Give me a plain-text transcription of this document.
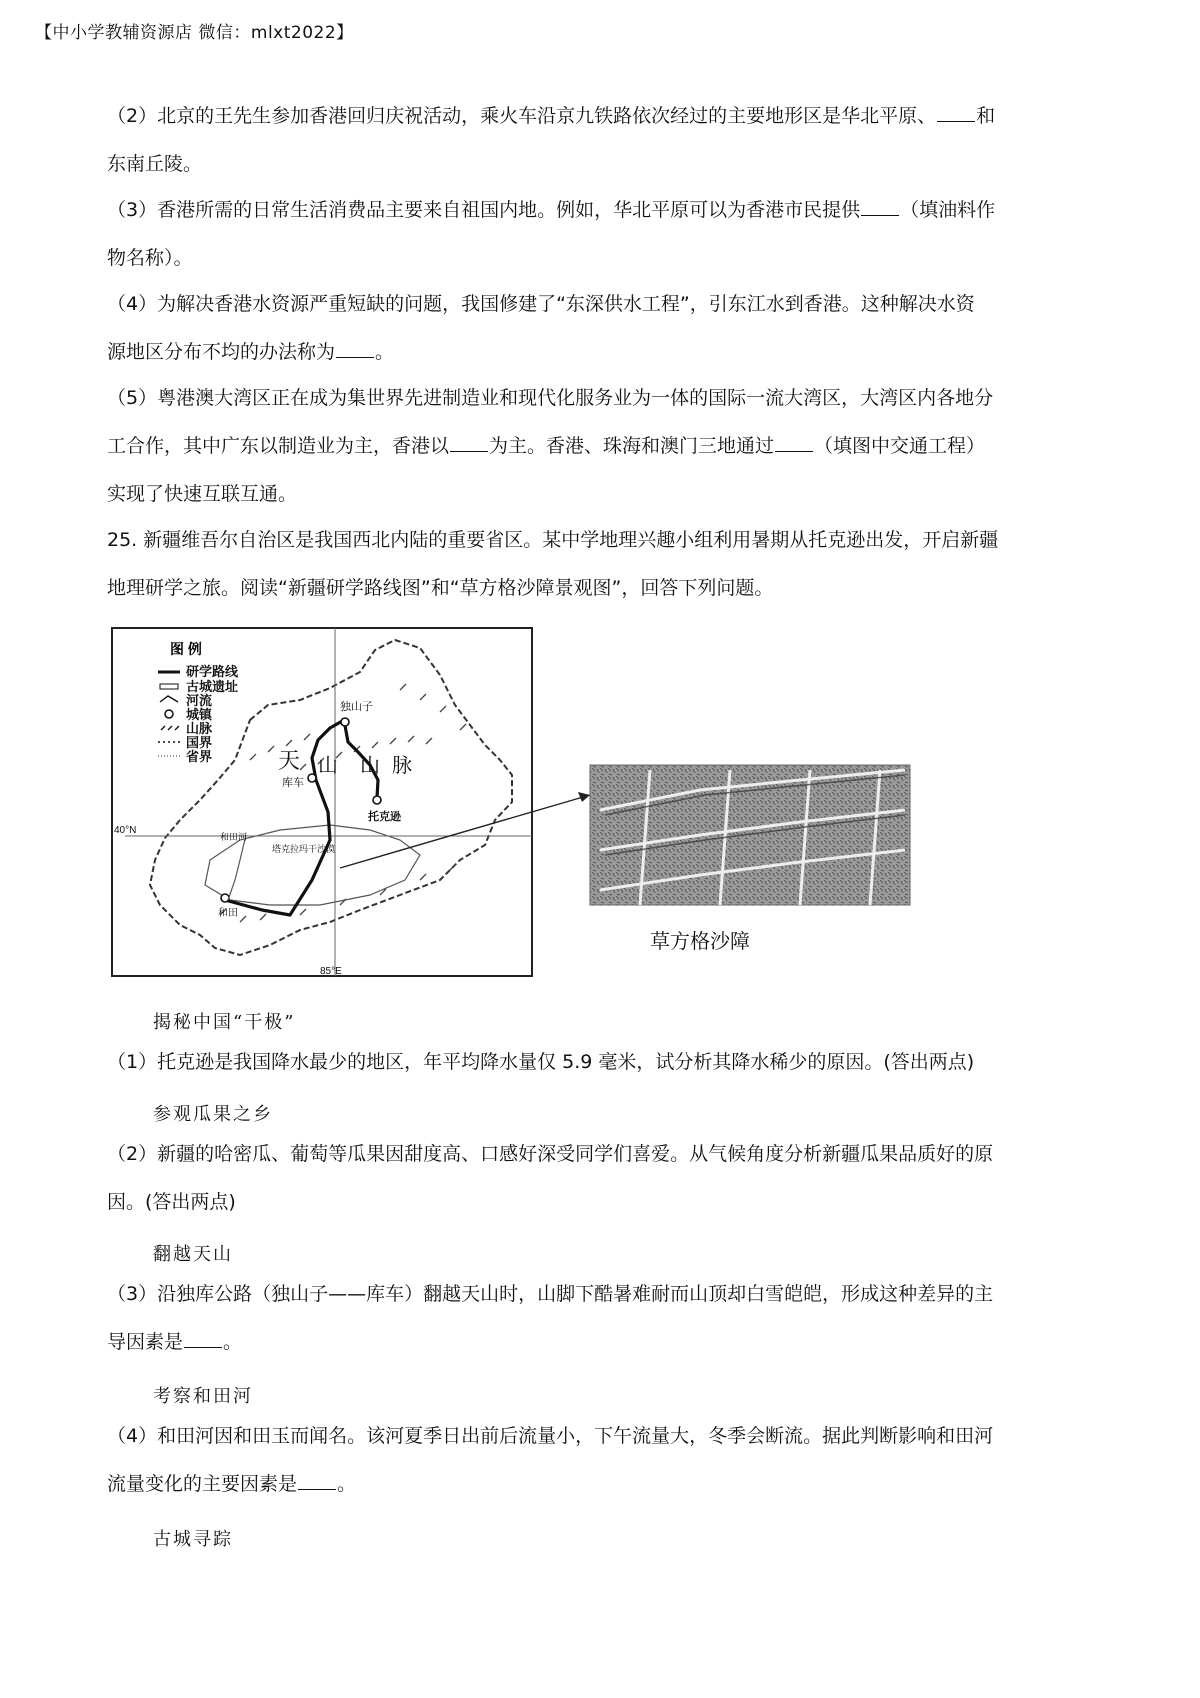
【中小学教辅资源店 微信：mlxt2022】

（2）北京的王先生参加香港回归庆祝活动，乘火车沿京九铁路依次经过的主要地形区是华北平原、 和
东南丘陵。

（3）香港所需的日常生活消费品主要来自祖国内地。例如，华北平原可以为香港市民提供 （填油料作
物名称）。

（4）为解决香港水资源严重短缺的问题，我国修建了“东深供水工程”，引东江水到香港。这种解决水资
源地区分布不均的办法称为 。

（5）粤港澳大湾区正在成为集世界先进制造业和现代化服务业为一体的国际一流大湾区，大湾区内各地分
工合作，其中广东以制造业为主，香港以 为主。香港、珠海和澳门三地通过 （填图中交通工程）
实现了快速互联互通。

25. 新疆维吾尔自治区是我国西北内陆的重要省区。某中学地理兴趣小组利用暑期从托克逊出发，开启新疆
地理研学之旅。阅读“新疆研学路线图”和“草方格沙障景观图”，回答下列问题。

图 例
研学路线
古城遗址
河流
城镇
山脉
国界
省界
独山子
库车
托克逊
和田
和田河
塔克拉玛干沙漠
天 山 山 脉
40°N
85°E
草方格沙障
揭秘中国“干极”

（1）托克逊是我国降水最少的地区，年平均降水量仅 5.9 毫米，试分析其降水稀少的原因。(答出两点)

参观瓜果之乡

（2）新疆的哈密瓜、葡萄等瓜果因甜度高、口感好深受同学们喜爱。从气候角度分析新疆瓜果品质好的原
因。(答出两点)

翻越天山

（3）沿独库公路（独山子——库车）翻越天山时，山脚下酷暑难耐而山顶却白雪皑皑，形成这种差异的主
导因素是 。

考察和田河

（4）和田河因和田玉而闻名。该河夏季日出前后流量小，下午流量大，冬季会断流。据此判断影响和田河
流量变化的主要因素是 。

古城寻踪
